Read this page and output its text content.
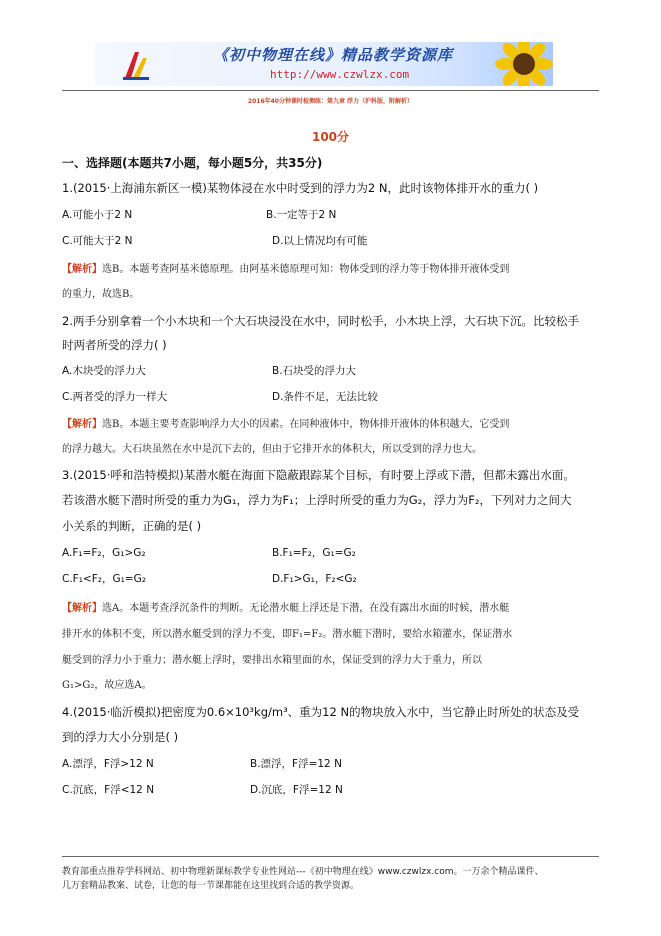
《初中物理在线》精品教学资源库
http://www.czwlzx.com
2016年40分钟课时检测练：第九章 浮力（沪科版，附解析）
100分
一、选择题(本题共7小题，每小题5分，共35分)
1.(2015·上海浦东新区一模)某物体浸在水中时受到的浮力为2 N，此时该物体排开水的重力( )
A.可能小于2 N	B.一定等于2 N
C.可能大于2 N	D.以上情况均有可能
【解析】选B。本题考查阿基米德原理。由阿基米德原理可知：物体受到的浮力等于物体排开液体受到
的重力，故选B。
2.两手分别拿着一个小木块和一个大石块浸没在水中，同时松手，小木块上浮，大石块下沉。比较松手
时两者所受的浮力( )
A.木块受的浮力大	B.石块受的浮力大
C.两者受的浮力一样大	D.条件不足，无法比较
【解析】选B。本题主要考查影响浮力大小的因素。在同种液体中，物体排开液体的体积越大，它受到
的浮力越大。大石块虽然在水中是沉下去的，但由于它排开水的体积大，所以受到的浮力也大。
3.(2015·呼和浩特模拟)某潜水艇在海面下隐蔽跟踪某个目标，有时要上浮或下潜，但都未露出水面。
若该潜水艇下潜时所受的重力为G₁，浮力为F₁；上浮时所受的重力为G₂，浮力为F₂，下列对力之间大
小关系的判断，正确的是( )
A.F₁=F₂，G₁>G₂	B.F₁=F₂，G₁=G₂
C.F₁<F₂，G₁=G₂	D.F₁>G₁，F₂<G₂
【解析】选A。本题考查浮沉条件的判断。无论潜水艇上浮还是下潜，在没有露出水面的时候，潜水艇
排开水的体积不变，所以潜水艇受到的浮力不变，即F₁=F₂。潜水艇下潜时，要给水箱灌水，保证潜水
艇受到的浮力小于重力；潜水艇上浮时，要排出水箱里面的水，保证受到的浮力大于重力，所以
G₁>G₂，故应选A。
4.(2015·临沂模拟)把密度为0.6×10³kg/m³、重为12 N的物块放入水中，当它静止时所处的状态及受
到的浮力大小分别是( )
A.漂浮，F浮>12 N	B.漂浮，F浮=12 N
C.沉底，F浮<12 N	D.沉底，F浮=12 N
教育部重点推荐学科网站、初中物理新课标教学专业性网站---《初中物理在线》www.czwlzx.com。一万余个精品课件、
几万套精品教案、试卷，让您的每一节课都能在这里找到合适的教学资源。
